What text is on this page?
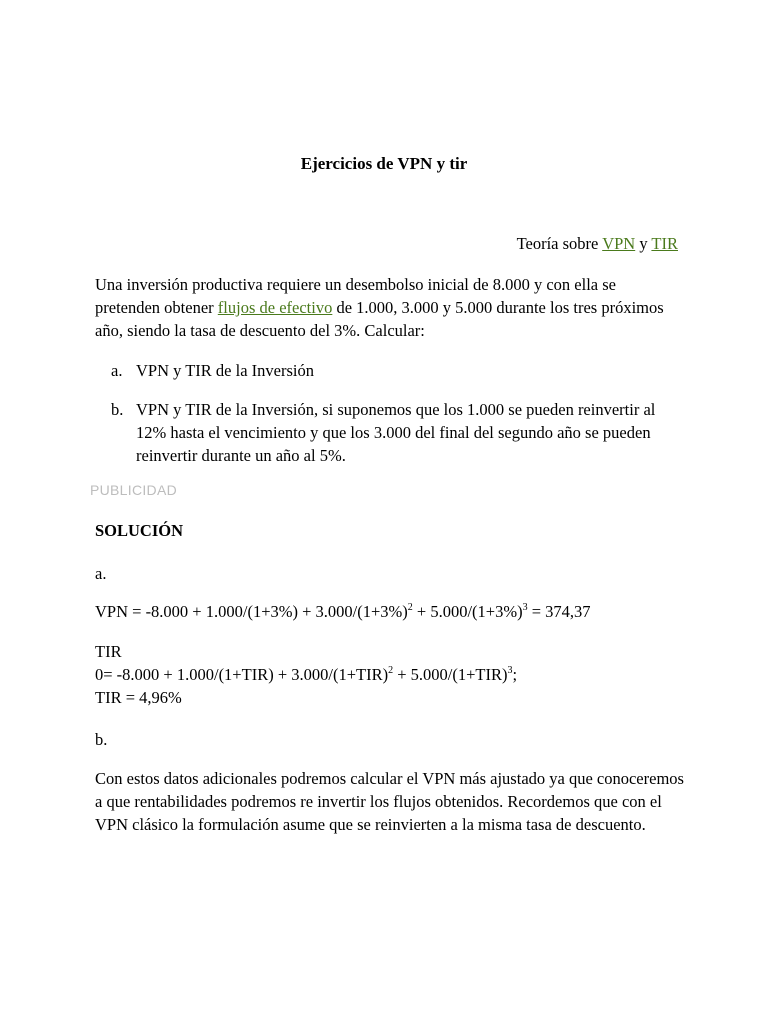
Ejercicios de VPN y tir

Teoría sobre VPN y TIR

Una inversión productiva requiere un desembolso inicial de 8.000 y con ella se pretenden obtener flujos de efectivo de 1.000, 3.000 y 5.000 durante los tres próximos año, siendo la tasa de descuento del 3%. Calcular:

a. VPN y TIR de la Inversión
b. VPN y TIR de la Inversión, si suponemos que los 1.000 se pueden reinvertir al 12% hasta el vencimiento y que los 3.000 del final del segundo año se pueden reinvertir durante un año al 5%.

PUBLICIDAD

SOLUCIÓN

a.

VPN = $-8.000 + 1.000/(1+3\%) + 3.000/(1+3\%)^2 + 5.000/(1+3\%)^3 = 374,37$

TIR

$0= -8.000 + 1.000/(1+TIR) + 3.000/(1+TIR)^2 + 5.000/(1+TIR)^3$;

TIR = 4,96%

b.

Con estos datos adicionales podremos calcular el VPN más ajustado ya que conoceremos a que rentabilidades podremos re invertir los flujos obtenidos. Recordemos que con el VPN clásico la formulación asume que se reinvierten a la misma tasa de descuento.
